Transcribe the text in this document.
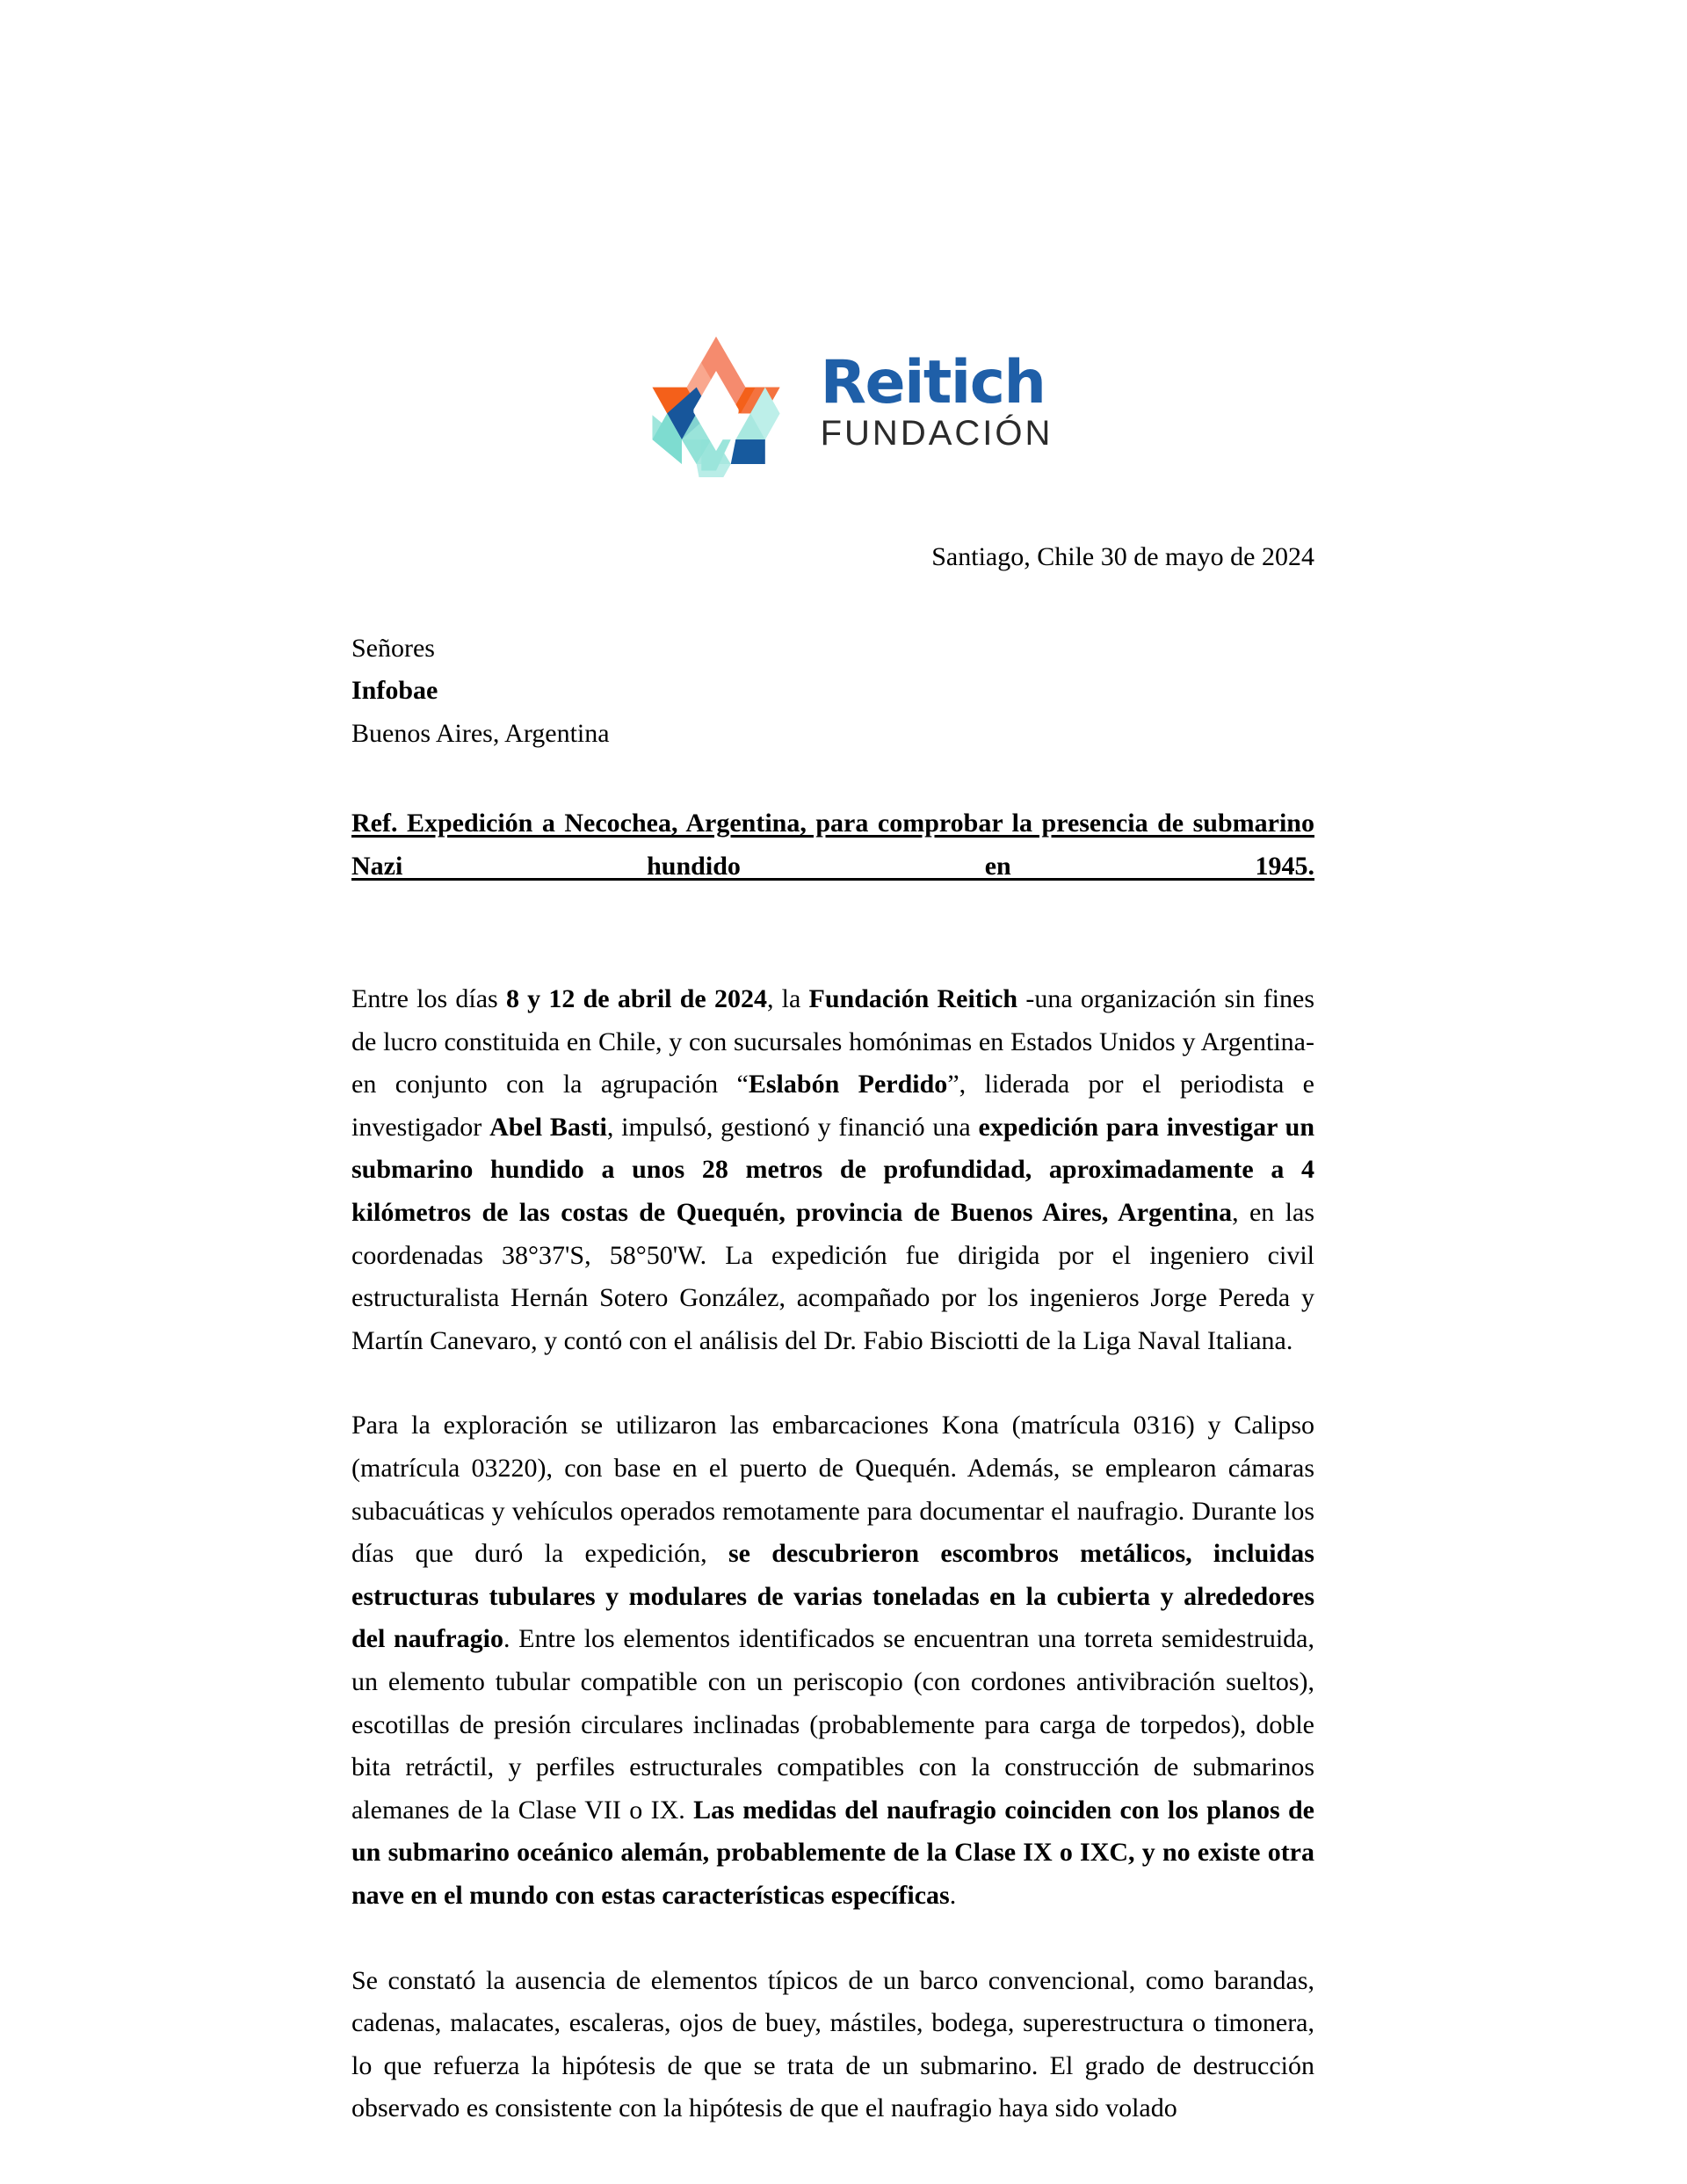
Reitich
FUNDACIÓN
Santiago, Chile 30 de mayo de 2024
Señores
Infobae
Buenos Aires, Argentina
Ref. Expedición a Necochea, Argentina, para comprobar la presencia de submarino Nazi hundido en 1945.

Entre los días 8 y 12 de abril de 2024, la Fundación Reitich -una organización sin fines de lucro constituida en Chile, y con sucursales homónimas en Estados Unidos y Argentina- en conjunto con la agrupación “Eslabón Perdido”, liderada por el periodista e investigador Abel Basti, impulsó, gestionó y financió una expedición para investigar un submarino hundido a unos 28 metros de profundidad, aproximadamente a 4 kilómetros de las costas de Quequén, provincia de Buenos Aires, Argentina, en las coordenadas 38°37'S, 58°50'W. La expedición fue dirigida por el ingeniero civil estructuralista Hernán Sotero González, acompañado por los ingenieros Jorge Pereda y Martín Canevaro, y contó con el análisis del Dr. Fabio Bisciotti de la Liga Naval Italiana.

Para la exploración se utilizaron las embarcaciones Kona (matrícula 0316) y Calipso (matrícula 03220), con base en el puerto de Quequén. Además, se emplearon cámaras subacuáticas y vehículos operados remotamente para documentar el naufragio. Durante los días que duró la expedición, se descubrieron escombros metálicos, incluidas estructuras tubulares y modulares de varias toneladas en la cubierta y alrededores del naufragio. Entre los elementos identificados se encuentran una torreta semidestruida, un elemento tubular compatible con un periscopio (con cordones antivibración sueltos), escotillas de presión circulares inclinadas (probablemente para carga de torpedos), doble bita retráctil, y perfiles estructurales compatibles con la construcción de submarinos alemanes de la Clase VII o IX. Las medidas del naufragio coinciden con los planos de un submarino oceánico alemán, probablemente de la Clase IX o IXC, y no existe otra nave en el mundo con estas características específicas.

Se constató la ausencia de elementos típicos de un barco convencional, como barandas, cadenas, malacates, escaleras, ojos de buey, mástiles, bodega, superestructura o timonera, lo que refuerza la hipótesis de que se trata de un submarino. El grado de destrucción observado es consistente con la hipótesis de que el naufragio haya sido volado
